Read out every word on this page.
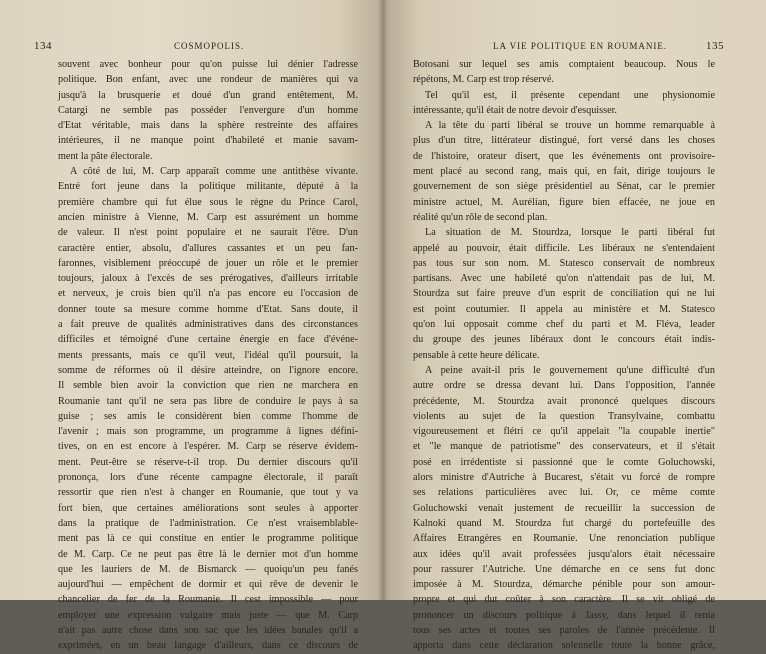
134	COSMOPOLIS.
souvent avec bonheur pour qu'on puisse lui dénier l'adresse
politique. Bon enfant, avec une rondeur de manières qui va
jusqu'à la brusquerie et doué d'un grand entêtement, M.
Catargi ne semble pas posséder l'envergure d'un homme
d'Etat véritable, mais dans la sphère restreinte des affaires
intérieures, il ne manque point d'habileté et manie savam-
ment la pâte électorale.
A côté de lui, M. Carp apparaît comme une antithèse vivante.
Entré fort jeune dans la politique militante, député à la
première chambre qui fut élue sous le règne du Prince Carol,
ancien ministre à Vienne, M. Carp est assurément un homme
de valeur. Il n'est point populaire et ne saurait l'être. D'un
caractère entier, absolu, d'allures cassantes et un peu fan-
faronnes, visiblement préoccupé de jouer un rôle et le premier
toujours, jaloux à l'excès de ses prérogatives, d'ailleurs irritable
et nerveux, je crois bien qu'il n'a pas encore eu l'occasion de
donner toute sa mesure comme homme d'Etat. Sans doute, il
a fait preuve de qualités administratives dans des circonstances
difficiles et témoigné d'une certaine énergie en face d'événe-
ments pressants, mais ce qu'il veut, l'idéal qu'il poursuit, la
somme de réformes où il désire atteindre, on l'ignore encore.
Il semble bien avoir la conviction que rien ne marchera en
Roumanie tant qu'il ne sera pas libre de conduire le pays à sa
guise ; ses amis le considèrent bien comme l'homme de
l'avenir ; mais son programme, un programme à lignes défini-
tives, on en est encore à l'espérer. M. Carp se réserve évidem-
ment. Peut-être se réserve-t-il trop. Du dernier discours qu'il
prononça, lors d'une récente campagne électorale, il paraît
ressortir que rien n'est à changer en Roumanie, que tout y va
fort bien, que certaines améliorations sont seules à apporter
dans la pratique de l'administration. Ce n'est vraisemblable-
ment pas là ce qui constitue en entier le programme politique
de M. Carp. Ce ne peut pas être là le dernier mot d'un homme
que les lauriers de M. de Bismarck — quoiqu'un peu fanés
aujourd'hui — empêchent de dormir et qui rêve de devenir le
chancelier de fer de la Roumanie. Il cest impossible — pour
employer une expression vulgaire mais juste — que M. Carp
n'ait pas autre chose dans son sac que les idées banales qu'il a
exprimées, en un beau langage d'ailleurs, dans ce discours de
LA VIE POLITIQUE EN ROUMANIE.	135
Botosani sur lequel ses amis comptaient beaucoup. Nous le
répétons, M. Carp est trop réservé.
Tel qu'il est, il présente cependant une physionomie
intéressante, qu'il était de notre devoir d'esquisser.
A la tête du parti libéral se trouve un homme remarquable à
plus d'un titre, littérateur distingué, fort versé dans les choses
de l'histoire, orateur disert, que les événements ont provisoire-
ment placé au second rang, mais qui, en fait, dirige toujours le
gouvernement de son siège présidentiel au Sénat, car le premier
ministre actuel, M. Aurélian, figure bien effacée, ne joue en
réalité qu'un rôle de second plan.
La situation de M. Stourdza, lorsque le parti libéral fut
appelé au pouvoir, était difficile. Les libéraux ne s'entendaient
pas tous sur son nom. M. Statesco conservait de nombreux
partisans. Avec une habileté qu'on n'attendait pas de lui, M.
Stourdza sut faire preuve d'un esprit de conciliation qui ne lui
est point coutumier. Il appela au ministère et M. Statesco
qu'on lui opposait comme chef du parti et M. Fléva, leader
du groupe des jeunes libéraux dont le concours était indis-
pensable à cette heure délicate.
A peine avait-il pris le gouvernement qu'une difficulté d'un
autre ordre se dressa devant lui. Dans l'opposition, l'année
précédente, M. Stourdza avait prononcé quelques discours
violents au sujet de la question Transylvaine, combattu
vigoureusement et flétri ce qu'il appelait "la coupable inertie"
et "le manque de patriotisme" des conservateurs, et il s'était
posé en irrédentiste si passionné que le comte Goluchowski,
alors ministre d'Autriche à Bucarest, s'était vu forcé de rompre
ses relations particulières avec lui. Or, ce même comte
Goluchowski venait justement de recueillir la succession de
Kalnoki quand M. Stourdza fut chargé du portefeuille des
Affaires Etrangères en Roumanie. Une renonciation publique
aux idées qu'il avait professées jusqu'alors était nécessaire
pour rassurer l'Autriche. Une démarche en ce sens fut donc
imposée à M. Stourdza, démarche pénible pour son amour-
propre et qui dut coûter à son caractère. Il se vit obligé de
prononcer un discours politique à Jassy, dans lequel il renia
tous ses actes et toutes ses paroles de l'année précédente. Il
apporta dans cette déclaration solennelle toute la bonne grâce,
